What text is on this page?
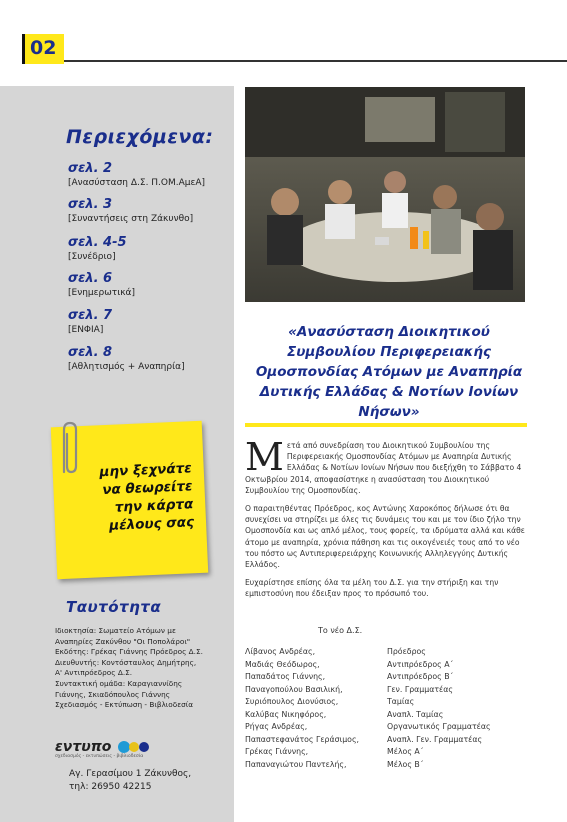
02
Περιεχόμενα:
σελ. 2
[Ανασύσταση Δ.Σ. Π.ΟΜ.ΑμεΑ]
σελ. 3
[Συναντήσεις στη Ζάκυνθο]
σελ. 4-5
[Συνέδριο]
σελ. 6
[Ενημερωτικά]
σελ. 7
[ΕΝΦΙΑ]
σελ. 8
[Αθλητισμός + Αναπηρία]
μην ξεχνάτε
να θεωρείτε
την κάρτα
μέλους σας
Ταυτότητα
Ιδιοκτησία: Σωματείο Ατόμων με
Αναπηρίες Ζακύνθου "Οι Ποπολάροι"
Εκδότης: Γρέκας Γιάννης Πρόεδρος Δ.Σ.
Διευθυντής: Κοντόσταυλος Δημήτρης,
Α' Αντιπρόεδρος Δ.Σ.
Συντακτική ομάδα: Καραγιαννίδης
Γιάννης, Σκιαδόπουλος Γιάννης
Σχεδιασμός - Εκτύπωση - Βιβλιοδεσία
εντυπο
σχεδιασμός - εκτυπώσεις - βιβλιοδεσία
Αγ. Γερασίμου 1 Ζάκυνθος,
τηλ: 26950 42215
«Ανασύσταση Διοικητικού Συμβουλίου Περιφερειακής Ομοσπονδίας Ατόμων με Αναπηρία Δυτικής Ελλάδας & Νοτίων Ιονίων Νήσων»
Μ ετά από συνεδρίαση του Διοικητικού Συμβουλίου της Περιφερειακής Ομοσπονδίας Ατόμων με Αναπηρία Δυτικής Ελλάδας & Νοτίων Ιονίων Νήσων που διεξήχθη το Σάββατο 4 Οκτωβρίου 2014, αποφασίστηκε η ανασύσταση του Διοικητικού Συμβουλίου της Ομοσπονδίας.

Ο παραιτηθέντας Πρόεδρος, κος Αντώνης Χαροκόπος δήλωσε ότι θα συνεχίσει να στηρίζει με όλες τις δυνάμεις του και με τον ίδιο ζήλο την Ομοσπονδία και ως απλό μέλος, τους φορείς, τα ιδρύματα αλλά και κάθε άτομο με αναπηρία, χρόνια πάθηση και τις οικογένειές τους από το νέο του πόστο ως Αντιπεριφερειάρχης Κοινωνικής Αλληλεγγύης Δυτικής Ελλάδος.

Ευχαρίστησε επίσης όλα τα μέλη του Δ.Σ. για την στήριξη και την εμπιστοσύνη που έδειξαν προς το πρόσωπό του.

Το νέο Δ.Σ.
Λίβανος Ανδρέας,	Πρόεδρος
Μαδιάς Θεόδωρος,	Αντιπρόεδρος Α΄
Παπαδάτος Γιάννης,	Αντιπρόεδρος Β΄
Παναγοπούλου Βασιλική,	Γεν. Γραμματέας
Συριόπουλος Διονύσιος,	Ταμίας
Καλύβας Νικηφόρος,	Αναπλ. Ταμίας
Ρήγας Ανδρέας,	Οργανωτικός Γραμματέας
Παπαστεφανάτος Γεράσιμος,	Αναπλ. Γεν. Γραμματέας
Γρέκας Γιάννης,	Μέλος Α΄
Παπαναγιώτου Παντελής,	Μέλος Β΄
